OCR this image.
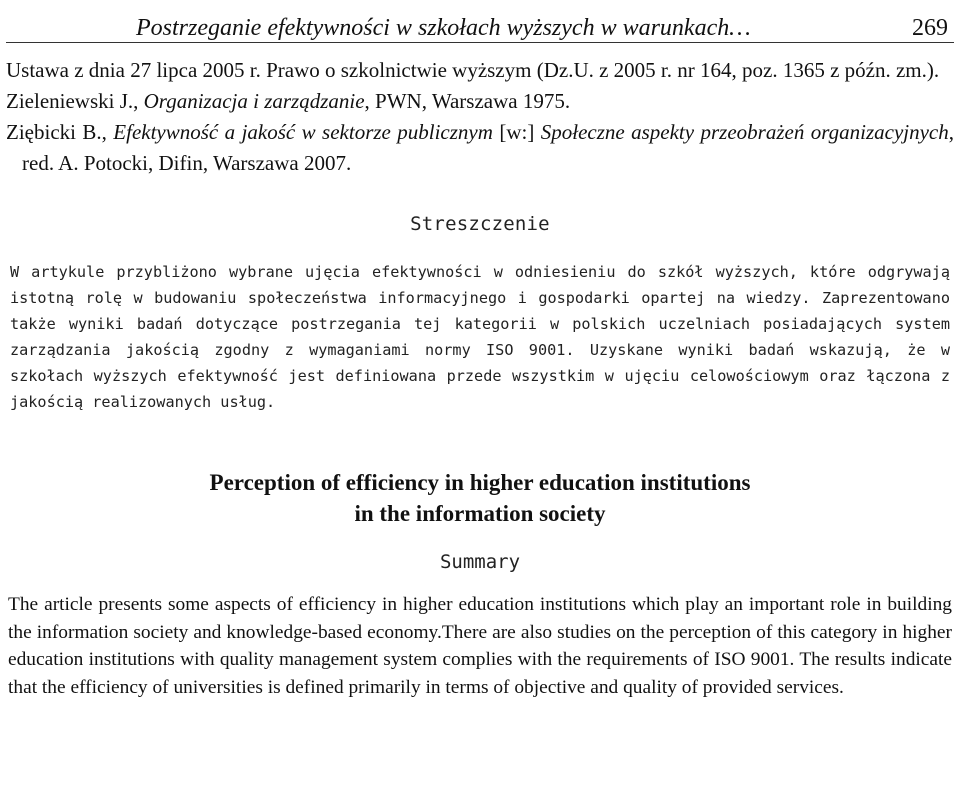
Postrzeganie efektywności w szkołach wyższych w warunkach…	269

Ustawa z dnia 27 lipca 2005 r. Prawo o szkolnictwie wyższym (Dz.U. z 2005 r. nr 164, poz. 1365 z późn. zm.).

Zieleniewski J., Organizacja i zarządzanie, PWN, Warszawa 1975.

Ziębicki B., Efektywność a jakość w sektorze publicznym [w:] Społeczne aspekty przeobrażeń organizacyjnych, red. A. Potocki, Difin, Warszawa 2007.

Streszczenie

W artykule przybliżono wybrane ujęcia efektywności w odniesieniu do szkół wyższych, które odgrywają istotną rolę w budowaniu społeczeństwa informacyjnego i gospodarki opartej na wiedzy. Zaprezentowano także wyniki badań dotyczące postrzegania tej kategorii w polskich uczelniach posiadających system zarządzania jakością zgodny z wymaganiami normy ISO 9001. Uzyskane wyniki badań wskazują, że w szkołach wyższych efektywność jest definiowana przede wszystkim w ujęciu celowościowym oraz łączona z jakością realizowanych usług.

Perception of efficiency in higher education institutions
in the information society
Summary

The article presents some aspects of efficiency in higher education institutions which play an important role in building the information society and knowledge-based economy.There are also studies on the perception of this category in higher education institutions with quality management system complies with the requirements of ISO 9001. The results indicate that the efficiency of universities is defined primarily in terms of objective and quality of provided services.
